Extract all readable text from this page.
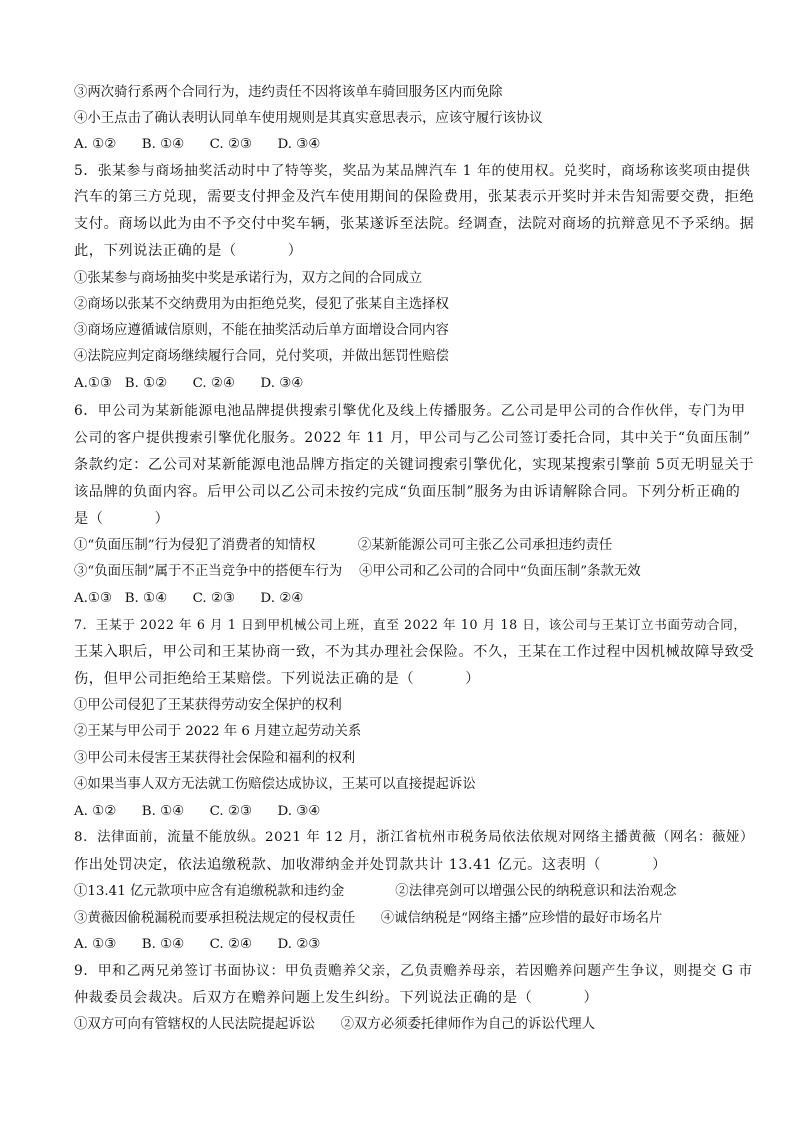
③两次骑行系两个合同行为，违约责任不因将该单车骑回服务区内而免除
④小王点击了确认表明认同单车使用规则是其真实意思表示，应该守履行该协议
A. ①②      B. ①④      C. ②③      D. ③④
5．张某参与商场抽奖活动时中了特等奖，奖品为某品牌汽车 1 年的使用权。兑奖时，商场称该奖项由提供
汽车的第三方兑现，需要支付押金及汽车使用期间的保险费用，张某表示开奖时并未告知需要交费，拒绝
支付。商场以此为由不予交付中奖车辆，张某遂诉至法院。经调查，法院对商场的抗辩意见不予采纳。据
此，下列说法正确的是（          ）
①张某参与商场抽奖中奖是承诺行为，双方之间的合同成立
②商场以张某不交纳费用为由拒绝兑奖，侵犯了张某自主选择权
③商场应遵循诚信原则，不能在抽奖活动后单方面增设合同内容
④法院应判定商场继续履行合同，兑付奖项，并做出惩罚性赔偿
A.①③   B. ①②      C. ②④      D. ③④
6．甲公司为某新能源电池品牌提供搜索引擎优化及线上传播服务。乙公司是甲公司的合作伙伴，专门为甲
公司的客户提供搜索引擎优化服务。2022 年 11 月，甲公司与乙公司签订委托合同，其中关于“负面压制”
条款约定：乙公司对某新能源电池品牌方指定的关键词搜索引擎优化，实现某搜索引擎前 5页无明显关于
该品牌的负面内容。后甲公司以乙公司未按约完成“负面压制”服务为由诉请解除合同。下列分析正确的
是（          ）
①“负面压制”行为侵犯了消费者的知情权          ②某新能源公司可主张乙公司承担违约责任
③“负面压制”属于不正当竞争中的搭便车行为    ④甲公司和乙公司的合同中“负面压制”条款无效
A.①③   B. ①④      C. ②③      D. ②④
7．王某于 2022 年 6 月 1 日到甲机械公司上班，直至 2022 年 10 月 18 日，该公司与王某订立书面劳动合同，
王某入职后，甲公司和王某协商一致，不为其办理社会保险。不久，王某在工作过程中因机械故障导致受
伤，但甲公司拒绝给王某赔偿。下列说法正确的是（          ）
①甲公司侵犯了王某获得劳动安全保护的权利
②王某与甲公司于 2022 年 6 月建立起劳动关系
③甲公司未侵害王某获得社会保险和福利的权利
④如果当事人双方无法就工伤赔偿达成协议，王某可以直接提起诉讼
A. ①②      B. ①④      C. ②③      D. ③④
8．法律面前，流量不能放纵。2021 年 12 月，浙江省杭州市税务局依法依规对网络主播黄薇（网名：薇娅）
作出处罚决定，依法追缴税款、加收滞纳金并处罚款共计 13.41 亿元。这表明（          ）
①13.41 亿元款项中应含有追缴税款和违约金            ②法律亮剑可以增强公民的纳税意识和法治观念
③黄薇因偷税漏税而要承担税法规定的侵权责任      ④诚信纳税是“网络主播”应珍惜的最好市场名片
A. ①③      B. ①④      C. ②④      D. ②③
9．甲和乙两兄弟签订书面协议：甲负责赡养父亲，乙负责赡养母亲，若因赡养问题产生争议，则提交 G 市
仲裁委员会裁决。后双方在赡养问题上发生纠纷。下列说法正确的是（          ）
①双方可向有管辖权的人民法院提起诉讼      ②双方必须委托律师作为自己的诉讼代理人
